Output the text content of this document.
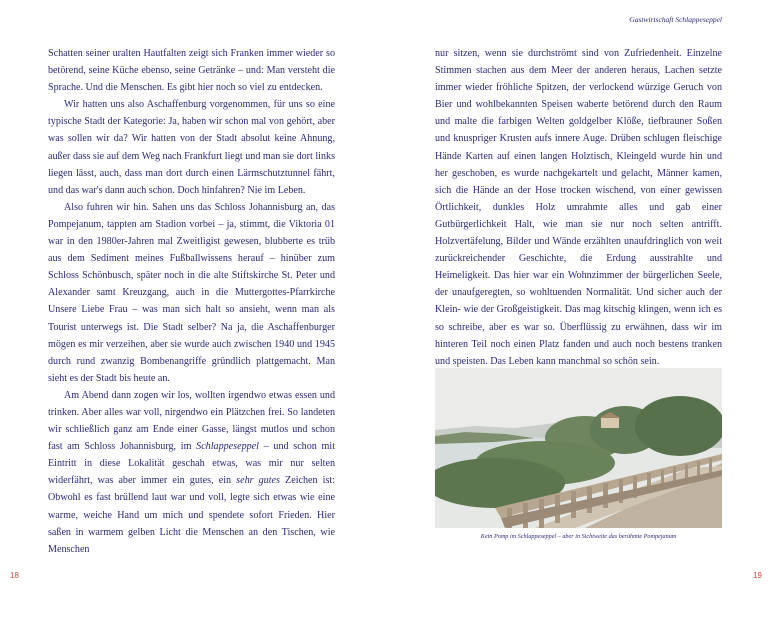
Schatten seiner uralten Hautfalten zeigt sich Franken immer wieder so betörend, seine Küche ebenso, seine Getränke – und: Man versteht die Sprache. Und die Menschen. Es gibt hier noch so viel zu entdecken.

Wir hatten uns also Aschaffenburg vorgenommen, für uns so eine typische Stadt der Kategorie: Ja, haben wir schon mal von gehört, aber was sollen wir da? Wir hatten von der Stadt absolut keine Ahnung, außer dass sie auf dem Weg nach Frankfurt liegt und man sie dort links liegen lässt, auch, dass man dort durch einen Lärmschutztunnel fährt, und das war's dann auch schon. Doch hinfahren? Nie im Leben.

Also fuhren wir hin. Sahen uns das Schloss Johannisburg an, das Pompejanum, tappten am Stadion vorbei – ja, stimmt, die Viktoria 01 war in den 1980er-Jahren mal Zweitligist gewesen, blubberte es trüb aus dem Sediment meines Fußballwissens herauf – hinüber zum Schloss Schönbusch, später noch in die alte Stiftskirche St. Peter und Alexander samt Kreuzgang, auch in die Muttergottes-Pfarrkirche Unsere Liebe Frau – was man sich halt so ansieht, wenn man als Tourist unterwegs ist. Die Stadt selber? Na ja, die Aschaffenburger mögen es mir verzeihen, aber sie wurde auch zwischen 1940 und 1945 durch rund zwanzig Bombenangriffe gründlich plattgemacht. Man sieht es der Stadt bis heute an.

Am Abend dann zogen wir los, wollten irgendwo etwas essen und trinken. Aber alles war voll, nirgendwo ein Plätzchen frei. So landeten wir schließlich ganz am Ende einer Gasse, längst mutlos und schon fast am Schloss Johannisburg, im Schlappeseppel – und schon mit Eintritt in diese Lokalität geschah etwas, was mir nur selten widerfährt, was aber immer ein gutes, ein sehr gutes Zeichen ist: Obwohl es fast brüllend laut war und voll, legte sich etwas wie eine warme, weiche Hand um mich und spendete sofort Frieden. Hier saßen in warmem gelben Licht die Menschen an den Tischen, wie Menschen

18
Gastwirtschaft Schlappeseppel

nur sitzen, wenn sie durchströmt sind von Zufriedenheit. Einzelne Stimmen stachen aus dem Meer der anderen heraus, Lachen setzte immer wieder fröhliche Spitzen, der verlockend würzige Geruch von Bier und wohlbekannten Speisen waberte betörend durch den Raum und malte die farbigen Welten goldgelber Klöße, tiefbrauner Soßen und knuspriger Krusten aufs innere Auge. Drüben schlugen fleischige Hände Karten auf einen langen Holztisch, Kleingeld wurde hin und her geschoben, es wurde nachgekartelt und gelacht, Männer kamen, sich die Hände an der Hose trocken wischend, von einer gewissen Örtlichkeit, dunkles Holz umrahmte alles und gab einer Gutbürgerlichkeit Halt, wie man sie nur noch selten antrifft. Holzvertäfelung, Bilder und Wände erzählten unaufdringlich von weit zurückreichender Geschichte, die Erdung ausstrahlte und Heimeligkeit. Das hier war ein Wohnzimmer der bürgerlichen Seele, der unaufgeregten, so wohltuenden Normalität. Und sicher auch der Klein- wie der Großgeistigkeit. Das mag kitschig klingen, wenn ich es so schreibe, aber es war so. Überflüssig zu erwähnen, dass wir im hinteren Teil noch einen Platz fanden und auch noch bestens tranken und speisten. Das Leben kann manchmal so schön sein.

Kein Pomp im Schlappeseppel – aber in Sichtweite das berühmte Pompejanum
19
